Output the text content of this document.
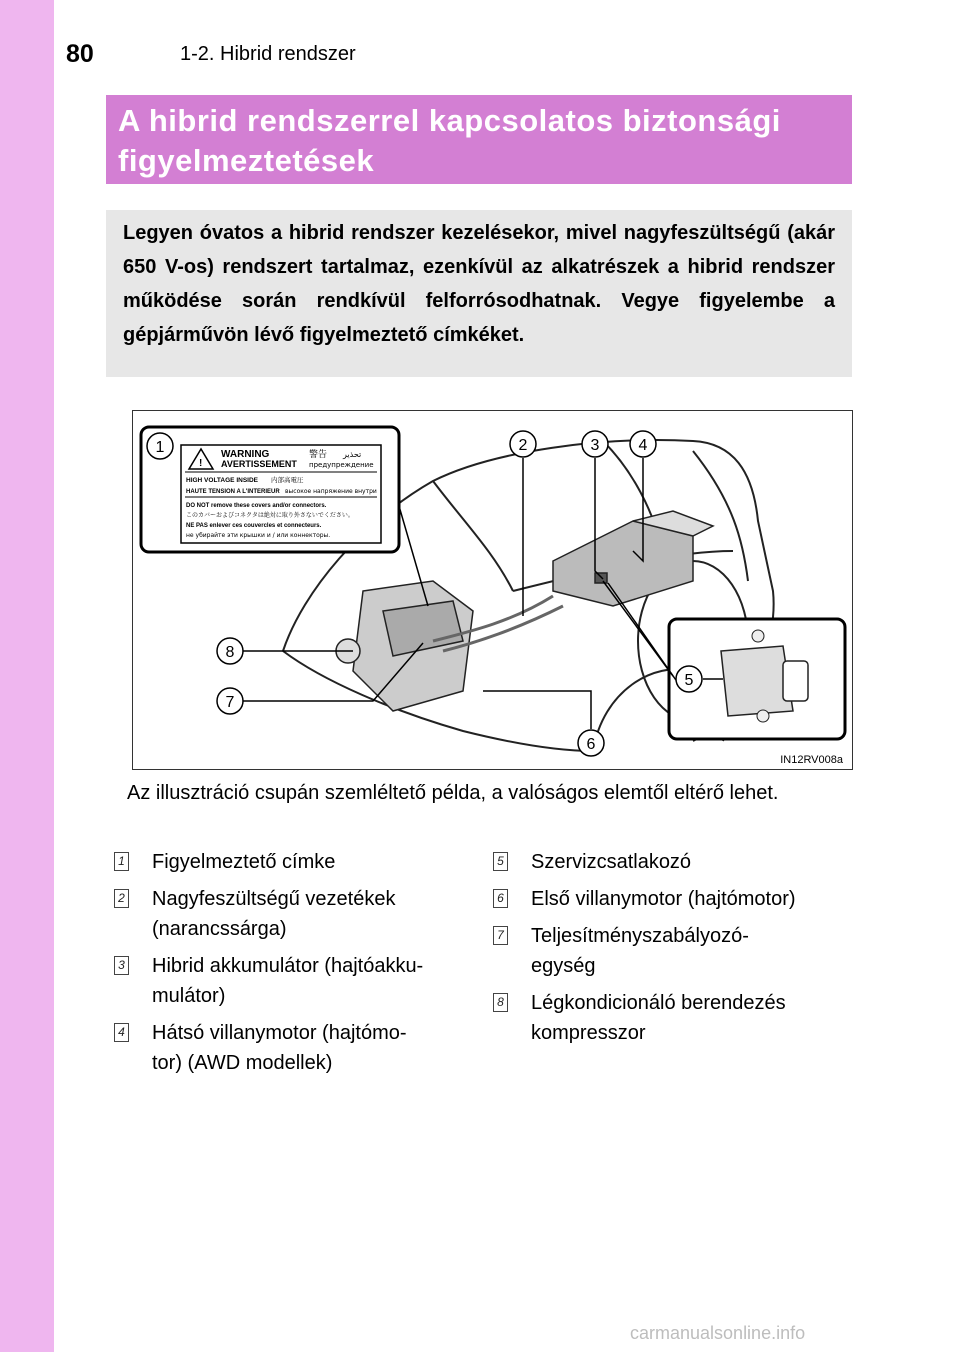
80	1-2. Hibrid rendszer
A hibrid rendszerrel kapcsolatos biztonsági
figyelmeztetések
Legyen óvatos a hibrid rendszer kezelésekor, mivel nagyfeszültségű (akár 650 V-os) rendszert tartalmaz, ezenkívül az alkatrészek a hibrid rendszer működése során rendkívül felforrósodhatnak. Vegye figyelembe a gépjárművön lévő figyelmeztető címkéket.
!
WARNING
AVERTISSEMENT
警告 تحذير
предупреждение
HIGH VOLTAGE INSIDE 内部高電圧
HAUTE TENSION A L'INTERIEUR высокое напряжение внутри
DO NOT remove these covers and/or connectors.
このカバーおよびコネクタは絶対に取り外さないでください。
NE PAS enlever ces couvercles et connecteurs.
не убирайте эти крышки и / или коннекторы.
1	2	3 4
5
6
7
8
IN12RV008a
Az illusztráció csupán szemléltető példa, a valóságos elemtől eltérő lehet.
1 Figyelmeztető címke
2 Nagyfeszültségű vezetékek
(narancssárga)
3 Hibrid akkumulátor (hajtóakku-
mulátor)
4 Hátsó villanymotor (hajtómo-
tor) (AWD modellek)
5 Szervizcsatlakozó
6 Első villanymotor (hajtómotor)
7 Teljesítményszabályozó-
egység
8 Légkondicionáló berendezés
kompresszor
carmanualsonline.info
